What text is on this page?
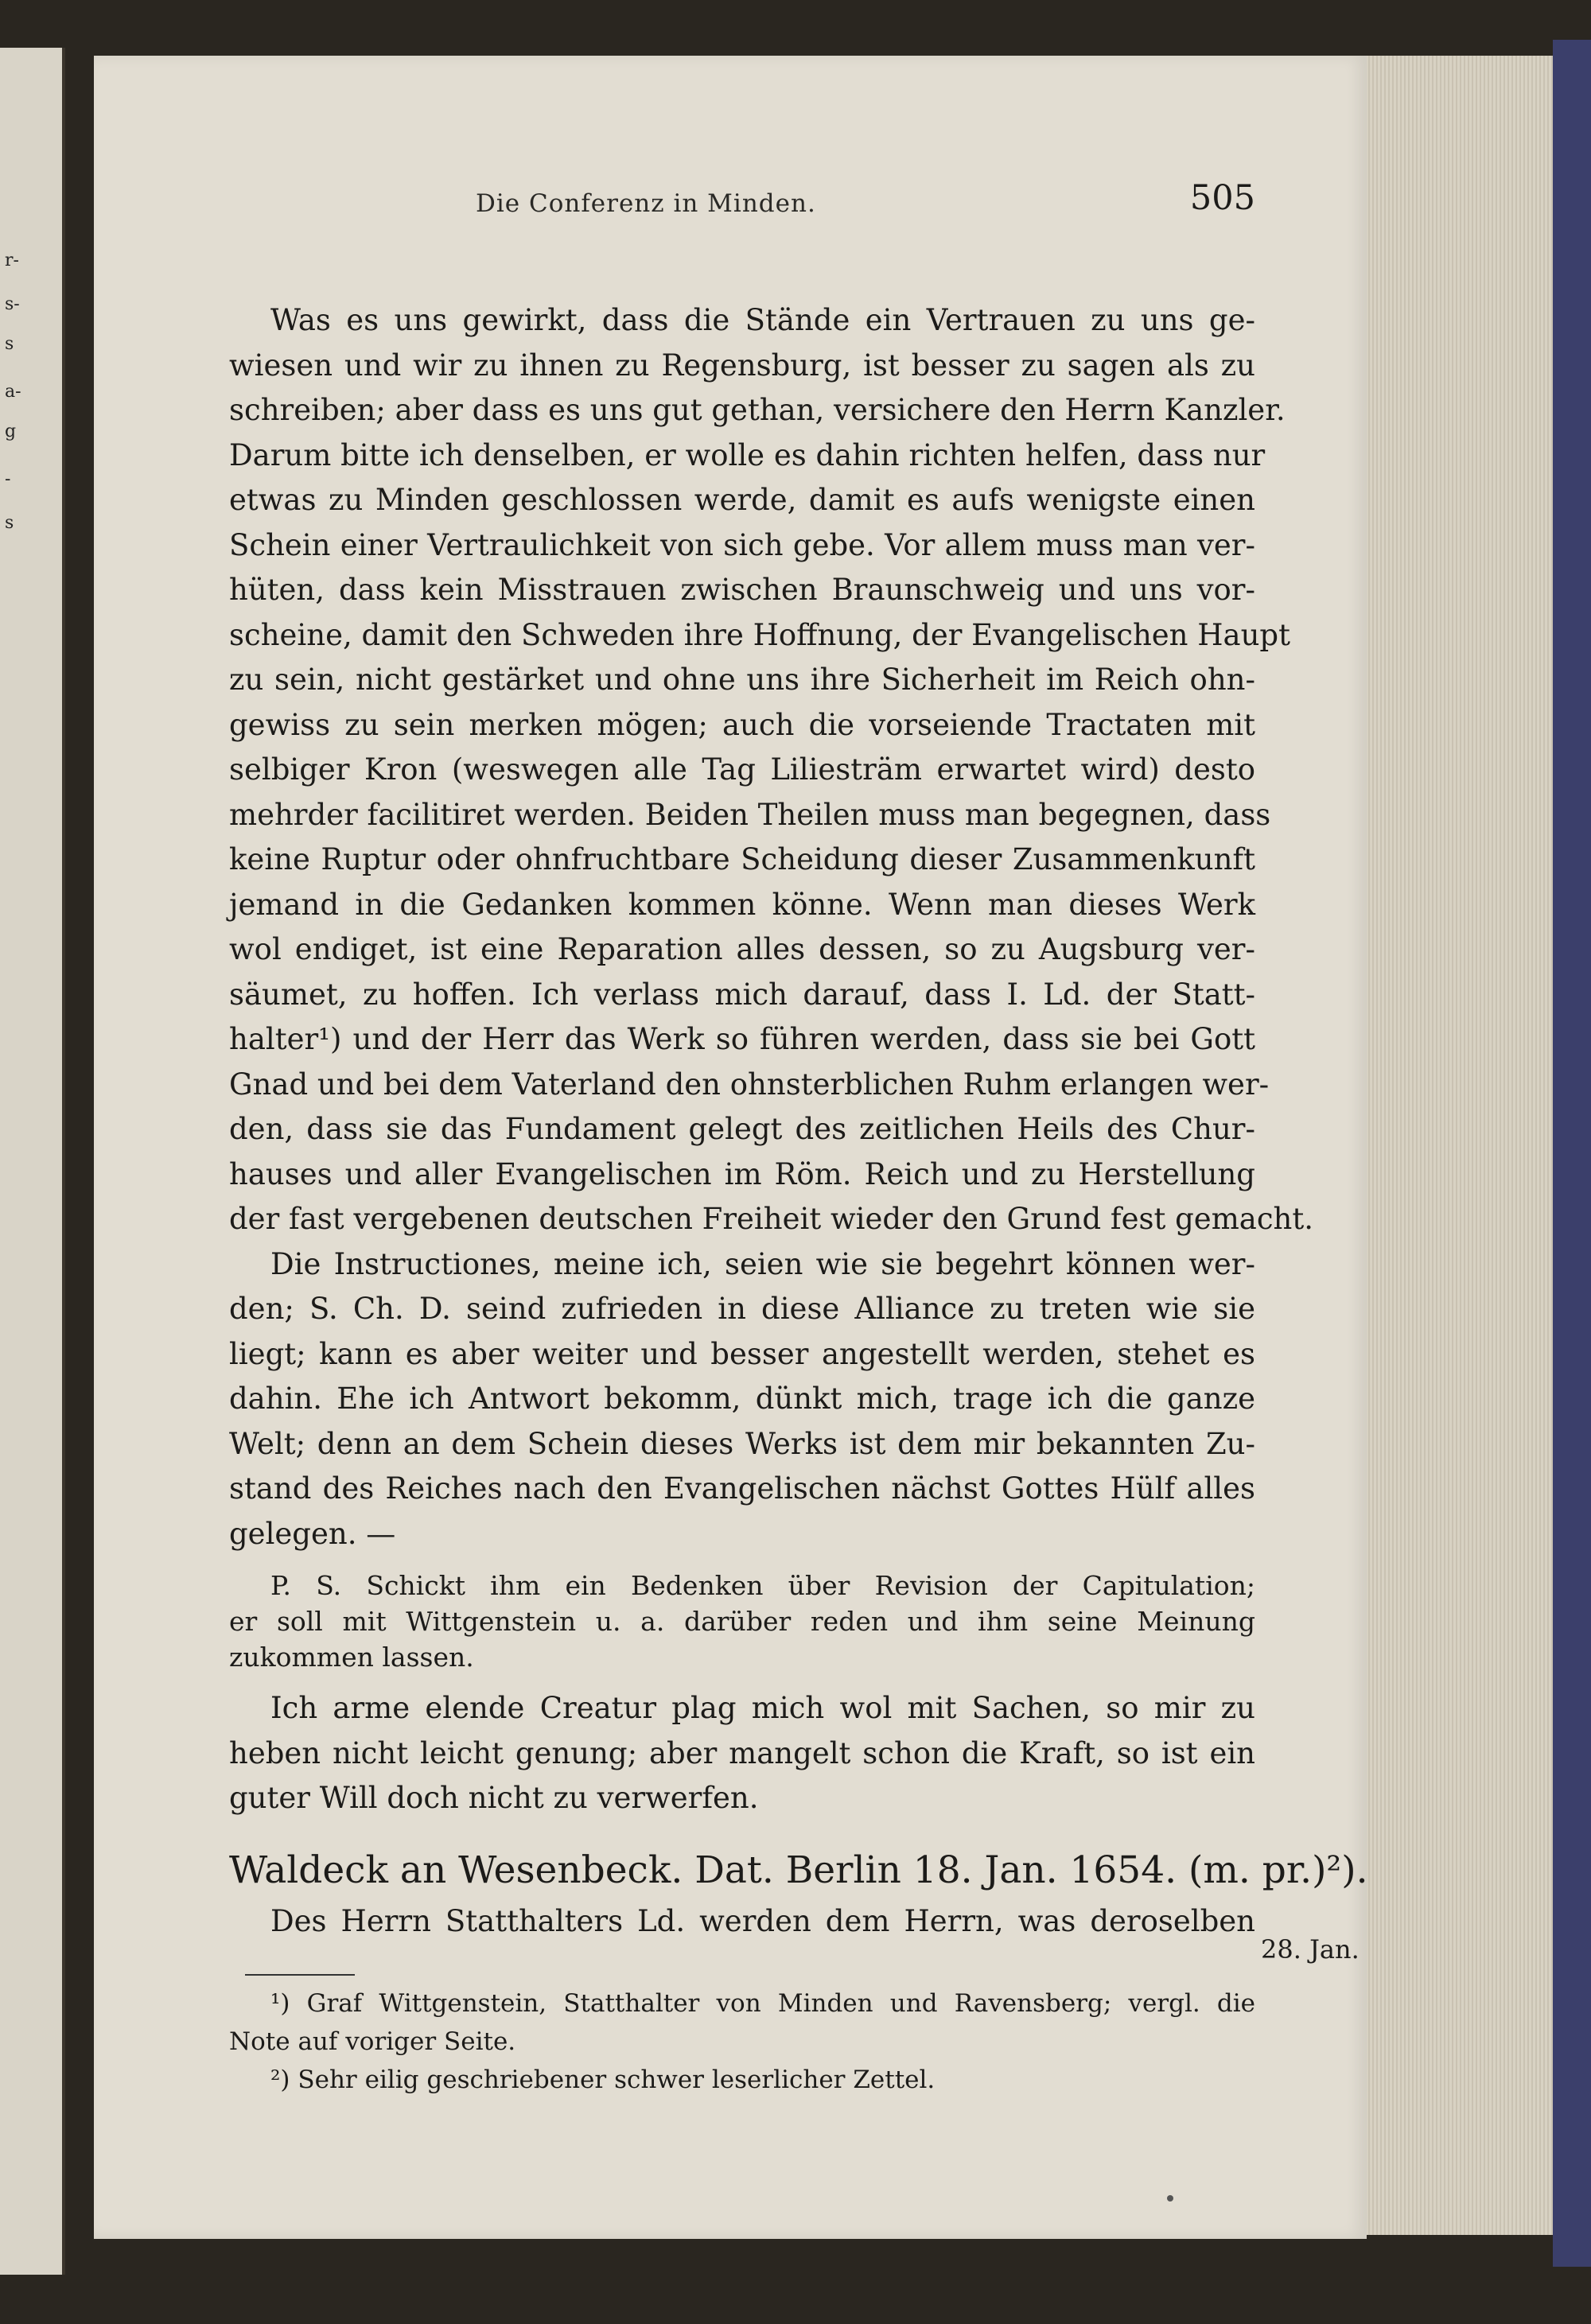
r-
s-
s
a-
g
-
s
Die Conferenz in Minden.	505
Was es uns gewirkt, dass die Stände ein Vertrauen zu uns ge-
wiesen und wir zu ihnen zu Regensburg, ist besser zu sagen als zu
schreiben; aber dass es uns gut gethan, versichere den Herrn Kanzler.
Darum bitte ich denselben, er wolle es dahin richten helfen, dass nur
etwas zu Minden geschlossen werde, damit es aufs wenigste einen
Schein einer Vertraulichkeit von sich gebe. Vor allem muss man ver-
hüten, dass kein Misstrauen zwischen Braunschweig und uns vor-
scheine, damit den Schweden ihre Hoffnung, der Evangelischen Haupt
zu sein, nicht gestärket und ohne uns ihre Sicherheit im Reich ohn-
gewiss zu sein merken mögen; auch die vorseiende Tractaten mit
selbiger Kron (weswegen alle Tag Liliesträm erwartet wird) desto
mehrder facilitiret werden. Beiden Theilen muss man begegnen, dass
keine Ruptur oder ohnfruchtbare Scheidung dieser Zusammenkunft
jemand in die Gedanken kommen könne. Wenn man dieses Werk
wol endiget, ist eine Reparation alles dessen, so zu Augsburg ver-
säumet, zu hoffen. Ich verlass mich darauf, dass I. Ld. der Statt-
halter¹) und der Herr das Werk so führen werden, dass sie bei Gott
Gnad und bei dem Vaterland den ohnsterblichen Ruhm erlangen wer-
den, dass sie das Fundament gelegt des zeitlichen Heils des Chur-
hauses und aller Evangelischen im Röm. Reich und zu Herstellung
der fast vergebenen deutschen Freiheit wieder den Grund fest gemacht.
Die Instructiones, meine ich, seien wie sie begehrt können wer-
den; S. Ch. D. seind zufrieden in diese Alliance zu treten wie sie
liegt; kann es aber weiter und besser angestellt werden, stehet es
dahin. Ehe ich Antwort bekomm, dünkt mich, trage ich die ganze
Welt; denn an dem Schein dieses Werks ist dem mir bekannten Zu-
stand des Reiches nach den Evangelischen nächst Gottes Hülf alles
gelegen. —
P. S. Schickt ihm ein Bedenken über Revision der Capitulation;
er soll mit Wittgenstein u. a. darüber reden und ihm seine Meinung
zukommen lassen.
Ich arme elende Creatur plag mich wol mit Sachen, so mir zu
heben nicht leicht genung; aber mangelt schon die Kraft, so ist ein
guter Will doch nicht zu verwerfen.
Waldeck an Wesenbeck. Dat. Berlin 18. Jan. 1654. (m. pr.)²).
Des Herrn Statthalters Ld. werden dem Herrn, was deroselben
28. Jan.
¹) Graf Wittgenstein, Statthalter von Minden und Ravensberg; vergl. die
Note auf voriger Seite.
²) Sehr eilig geschriebener schwer leserlicher Zettel.
